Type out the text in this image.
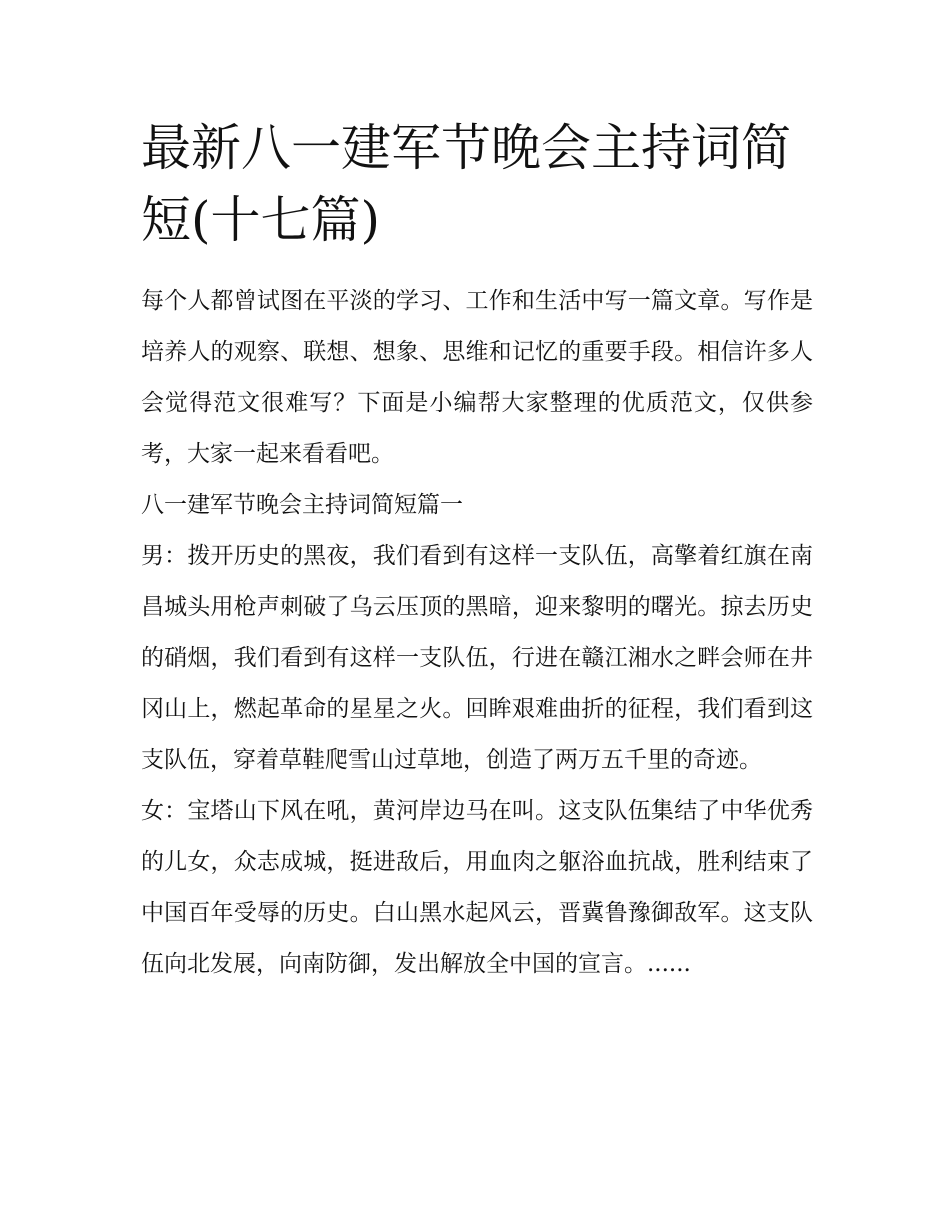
最新八一建军节晚会主持词简短(十七篇)

每个人都曾试图在平淡的学习、工作和生活中写一篇文章。写作是培养人的观察、联想、想象、思维和记忆的重要手段。相信许多人会觉得范文很难写？下面是小编帮大家整理的优质范文，仅供参考，大家一起来看看吧。

八一建军节晚会主持词简短篇一

男：拨开历史的黑夜，我们看到有这样一支队伍，高擎着红旗在南昌城头用枪声刺破了乌云压顶的黑暗，迎来黎明的曙光。掠去历史的硝烟，我们看到有这样一支队伍，行进在赣江湘水之畔会师在井冈山上，燃起革命的星星之火。回眸艰难曲折的征程，我们看到这支队伍，穿着草鞋爬雪山过草地，创造了两万五千里的奇迹。

女：宝塔山下风在吼，黄河岸边马在叫。这支队伍集结了中华优秀的儿女，众志成城，挺进敌后，用血肉之躯浴血抗战，胜利结束了中国百年受辱的历史。白山黑水起风云，晋冀鲁豫御敌军。这支队伍向北发展，向南防御，发出解放全中国的宣言。......
